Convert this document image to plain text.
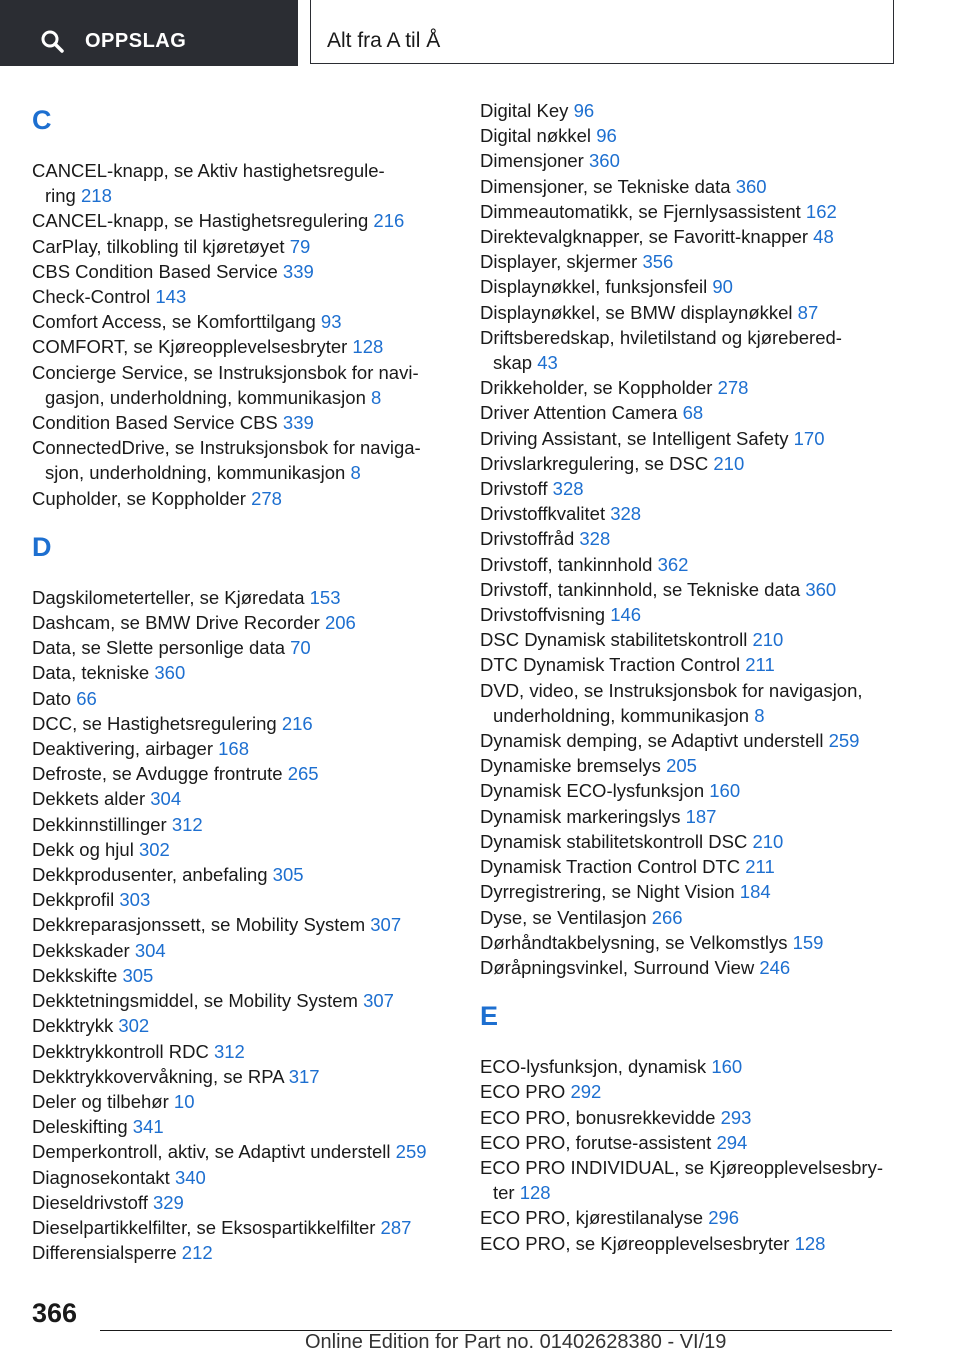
OPPSLAG	Alt fra A til Å
C
CANCEL-knapp, se Aktiv hastighetsregule-
ring 218
CANCEL-knapp, se Hastighetsregulering 216
CarPlay, tilkobling til kjøretøyet 79
CBS Condition Based Service 339
Check-Control 143
Comfort Access, se Komforttilgang 93
COMFORT, se Kjøreopplevelsesbryter 128
Concierge Service, se Instruksjonsbok for navi-
gasjon, underholdning, kommunikasjon 8
Condition Based Service CBS 339
ConnectedDrive, se Instruksjonsbok for naviga-
sjon, underholdning, kommunikasjon 8
Cupholder, se Koppholder 278
D
Dagskilometerteller, se Kjøredata 153
Dashcam, se BMW Drive Recorder 206
Data, se Slette personlige data 70
Data, tekniske 360
Dato 66
DCC, se Hastighetsregulering 216
Deaktivering, airbager 168
Defroste, se Avdugge frontrute 265
Dekkets alder 304
Dekkinnstillinger 312
Dekk og hjul 302
Dekkprodusenter, anbefaling 305
Dekkprofil 303
Dekkreparasjonssett, se Mobility System 307
Dekkskader 304
Dekkskifte 305
Dekktetningsmiddel, se Mobility System 307
Dekktrykk 302
Dekktrykkontroll RDC 312
Dekktrykkovervåkning, se RPA 317
Deler og tilbehør 10
Deleskifting 341
Demperkontroll, aktiv, se Adaptivt understell 259
Diagnosekontakt 340
Dieseldrivstoff 329
Dieselpartikkelfilter, se Eksospartikkelfilter 287
Differensialsperre 212
Digital Key 96
Digital nøkkel 96
Dimensjoner 360
Dimensjoner, se Tekniske data 360
Dimmeautomatikk, se Fjernlysassistent 162
Direktevalgknapper, se Favoritt-knapper 48
Displayer, skjermer 356
Displaynøkkel, funksjonsfeil 90
Displaynøkkel, se BMW displaynøkkel 87
Driftsberedskap, hviletilstand og kjørebered-
skap 43
Drikkeholder, se Koppholder 278
Driver Attention Camera 68
Driving Assistant, se Intelligent Safety 170
Drivslarkregulering, se DSC 210
Drivstoff 328
Drivstoffkvalitet 328
Drivstoffråd 328
Drivstoff, tankinnhold 362
Drivstoff, tankinnhold, se Tekniske data 360
Drivstoffvisning 146
DSC Dynamisk stabilitetskontroll 210
DTC Dynamisk Traction Control 211
DVD, video, se Instruksjonsbok for navigasjon,
underholdning, kommunikasjon 8
Dynamisk demping, se Adaptivt understell 259
Dynamiske bremselys 205
Dynamisk ECO-lysfunksjon 160
Dynamisk markeringslys 187
Dynamisk stabilitetskontroll DSC 210
Dynamisk Traction Control DTC 211
Dyrregistrering, se Night Vision 184
Dyse, se Ventilasjon 266
Dørhåndtakbelysning, se Velkomstlys 159
Døråpningsvinkel, Surround View 246
E
ECO-lysfunksjon, dynamisk 160
ECO PRO 292
ECO PRO, bonusrekkevidde 293
ECO PRO, forutse-assistent 294
ECO PRO INDIVIDUAL, se Kjøreopplevelsesbry-
ter 128
ECO PRO, kjørestilanalyse 296
ECO PRO, se Kjøreopplevelsesbryter 128
366
Online Edition for Part no. 01402628380 - VI/19
